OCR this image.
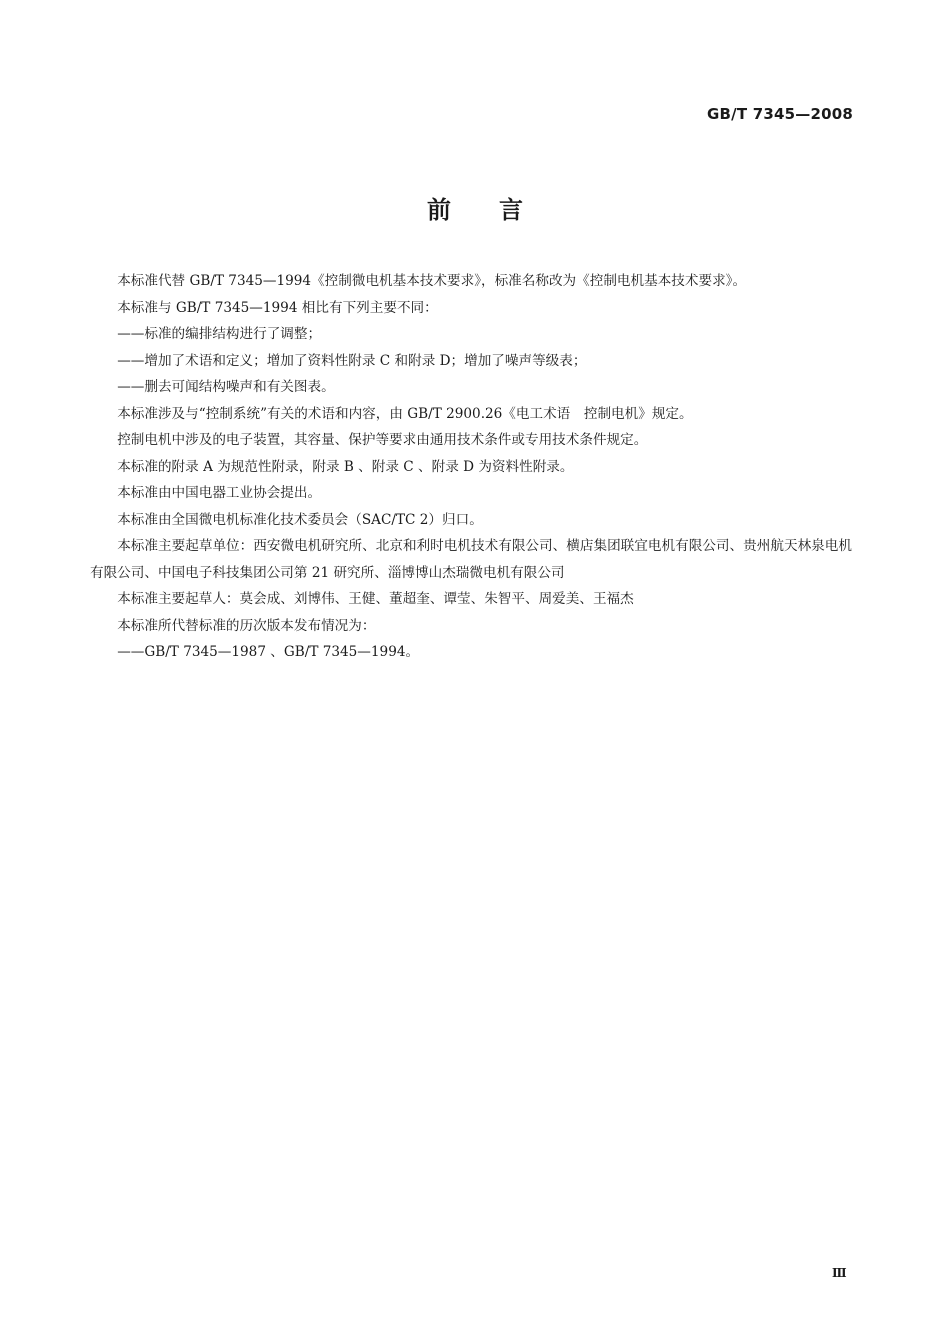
GB/T 7345—2008
前言

本标准代替 GB/T 7345—1994《控制微电机基本技术要求》，标准名称改为《控制电机基本技术要求》。

本标准与 GB/T 7345—1994 相比有下列主要不同：

——标准的编排结构进行了调整；

——增加了术语和定义；增加了资料性附录 C 和附录 D；增加了噪声等级表；

——删去可闻结构噪声和有关图表。

本标准涉及与“控制系统”有关的术语和内容，由 GB/T 2900.26《电工术语　控制电机》规定。

控制电机中涉及的电子装置，其容量、保护等要求由通用技术条件或专用技术条件规定。

本标准的附录 A 为规范性附录，附录 B 、附录 C 、附录 D 为资料性附录。

本标准由中国电器工业协会提出。

本标准由全国微电机标准化技术委员会（SAC/TC 2）归口。

本标准主要起草单位：西安微电机研究所、北京和利时电机技术有限公司、横店集团联宜电机有限公司、贵州航天林泉电机有限公司、中国电子科技集团公司第 21 研究所、淄博博山杰瑞微电机有限公司

本标准主要起草人：莫会成、刘博伟、王健、董超奎、谭莹、朱智平、周爱美、王福杰

本标准所代替标准的历次版本发布情况为：

——GB/T 7345—1987 、GB/T 7345—1994。

Ⅲ
